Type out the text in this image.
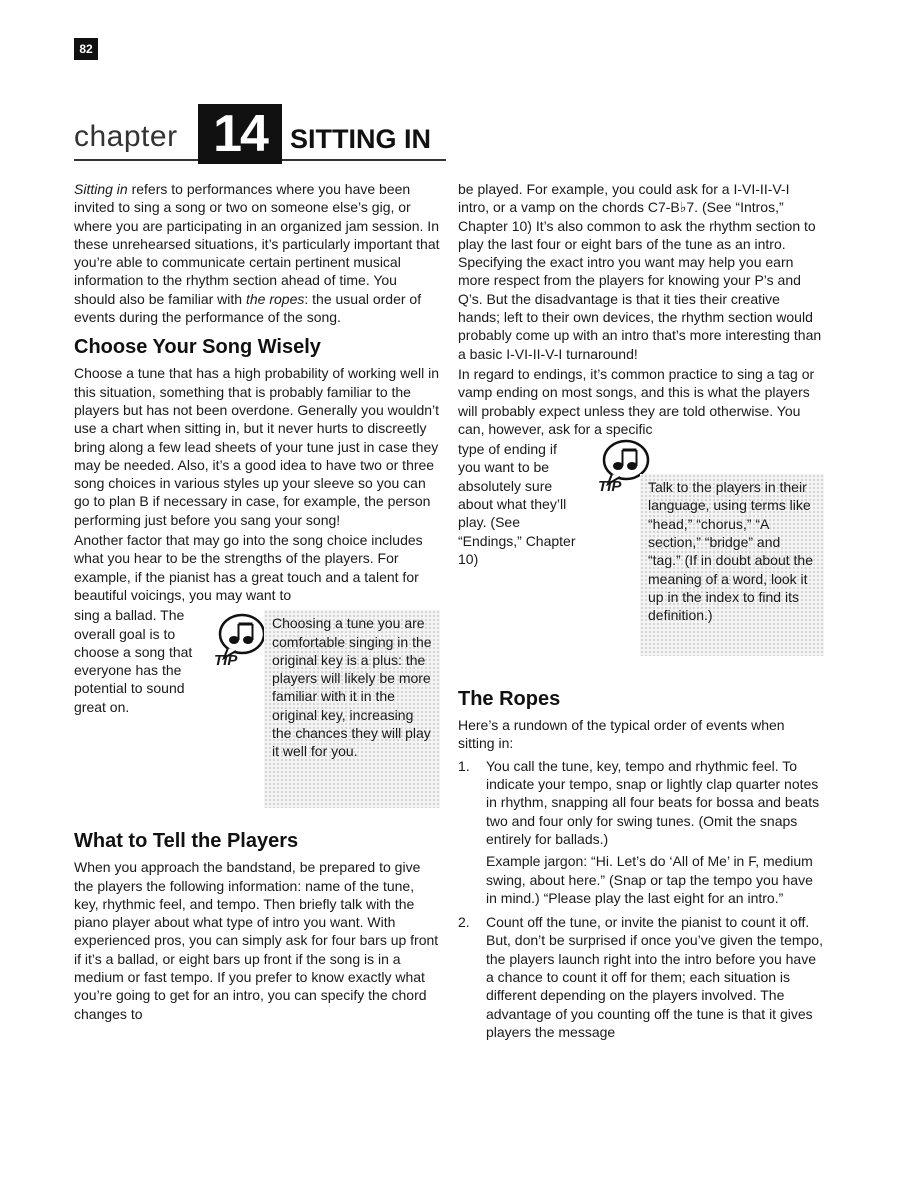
82
chapter 14 SITTING IN

Sitting in refers to performances where you have been invited to sing a song or two on someone else’s gig, or where you are participating in an organized jam session. In these unrehearsed situations, it’s particularly important that you’re able to communicate certain pertinent musical information to the rhythm section ahead of time. You should also be familiar with the ropes: the usual order of events during the performance of the song.

Choose Your Song Wisely

Choose a tune that has a high probability of working well in this situation, something that is probably familiar to the players but has not been overdone. Generally you wouldn’t use a chart when sitting in, but it never hurts to discreetly bring along a few lead sheets of your tune just in case they may be needed. Also, it’s a good idea to have two or three song choices in various styles up your sleeve so you can go to plan B if necessary in case, for example, the person performing just before you sang your song!

Another factor that may go into the song choice includes what you hear to be the strengths of the players. For example, if the pianist has a great touch and a talent for beautiful voicings, you may want to

sing a ballad. The overall goal is to choose a song that everyone has the potential to sound great on.

TIP
Choosing a tune you are comfortable singing in the original key is a plus: the players will likely be more familiar with it in the original key, increasing the chances they will play it well for you.
What to Tell the Players

When you approach the bandstand, be prepared to give the players the following information: name of the tune, key, rhythmic feel, and tempo. Then briefly talk with the piano player about what type of intro you want. With experienced pros, you can simply ask for four bars up front if it’s a ballad, or eight bars up front if the song is in a medium or fast tempo. If you prefer to know exactly what you’re going to get for an intro, you can specify the chord changes to

be played. For example, you could ask for a I-VI-II-V-I intro, or a vamp on the chords C7-B♭7. (See “Intros,” Chapter 10) It’s also common to ask the rhythm section to play the last four or eight bars of the tune as an intro. Specifying the exact intro you want may help you earn more respect from the players for knowing your P’s and Q’s. But the disadvantage is that it ties their creative hands; left to their own devices, the rhythm section would probably come up with an intro that’s more interesting than a basic I-VI-II-V-I turnaround!

In regard to endings, it’s common practice to sing a tag or vamp ending on most songs, and this is what the players will probably expect unless they are told otherwise. You can, however, ask for a specific

type of ending if you want to be absolutely sure about what they’ll play. (See “Endings,” Chapter 10)

TIP	Talk to the players in their language, using terms like “head,” “chorus,” “A section,” “bridge” and “tag.” (If in doubt about the meaning of a word, look it up in the index to find its definition.)
The Ropes

Here’s a rundown of the typical order of events when sitting in:

1.	You call the tune, key, tempo and rhythmic feel. To indicate your tempo, snap or lightly clap quarter notes in rhythm, snapping all four beats for bossa and beats two and four only for swing tunes. (Omit the snaps entirely for ballads.)

Example jargon: “Hi. Let’s do ‘All of Me’ in F, medium swing, about here.” (Snap or tap the tempo you have in mind.) “Please play the last eight for an intro.”

2.	Count off the tune, or invite the pianist to count it off. But, don’t be surprised if once you’ve given the tempo, the players launch right into the intro before you have a chance to count it off for them; each situation is different depending on the players involved. The advantage of you counting off the tune is that it gives players the message
